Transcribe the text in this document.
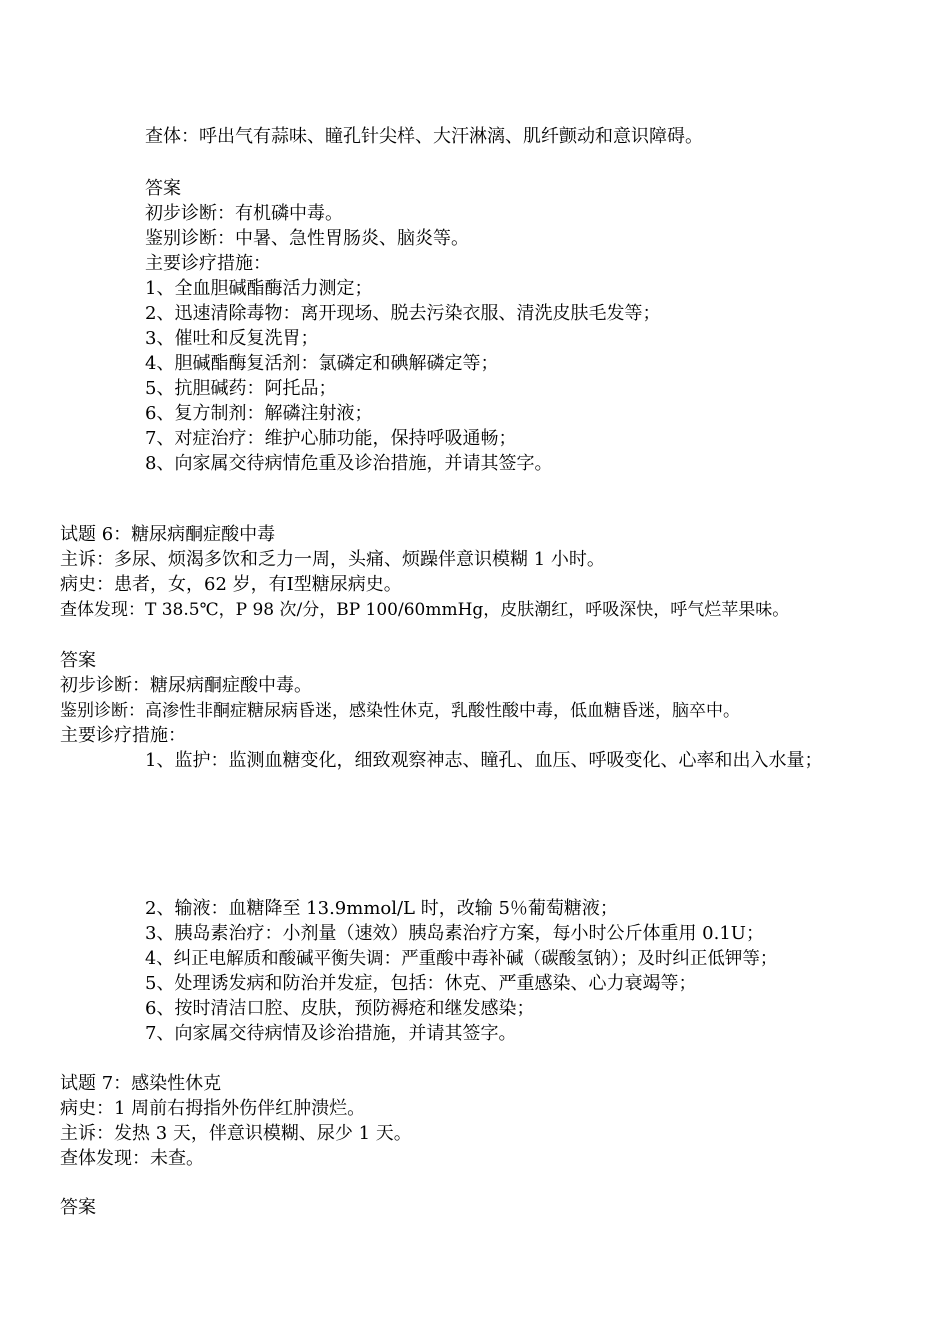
查体：呼出气有蒜味、瞳孔针尖样、大汗淋漓、肌纤颤动和意识障碍。
答案
初步诊断：有机磷中毒。
鉴别诊断：中暑、急性胃肠炎、脑炎等。
主要诊疗措施：
1、全血胆碱酯酶活力测定；
2、迅速清除毒物：离开现场、脱去污染衣服、清洗皮肤毛发等；
3、催吐和反复洗胃；
4、胆碱酯酶复活剂：氯磷定和碘解磷定等；
5、抗胆碱药：阿托品；
6、复方制剂：解磷注射液；
7、对症治疗：维护心肺功能，保持呼吸通畅；
8、向家属交待病情危重及诊治措施，并请其签字。
试题 6：糖尿病酮症酸中毒
主诉：多尿、烦渴多饮和乏力一周，头痛、烦躁伴意识模糊 1 小时。
病史：患者，女，62 岁，有Ⅰ型糖尿病史。
查体发现：T 38.5℃，P 98 次/分，BP 100/60mmHg，皮肤潮红，呼吸深快，呼气烂苹果味。
答案
初步诊断：糖尿病酮症酸中毒。
鉴别诊断：高渗性非酮症糖尿病昏迷，感染性休克，乳酸性酸中毒，低血糖昏迷，脑卒中。
主要诊疗措施：
1、监护：监测血糖变化，细致观察神志、瞳孔、血压、呼吸变化、心率和出入水量；
2、输液：血糖降至 13.9mmol/L 时，改输 5％葡萄糖液；
3、胰岛素治疗：小剂量（速效）胰岛素治疗方案，每小时公斤体重用 0.1U；
4、纠正电解质和酸碱平衡失调：严重酸中毒补碱（碳酸氢钠）；及时纠正低钾等；
5、处理诱发病和防治并发症，包括：休克、严重感染、心力衰竭等；
6、按时清洁口腔、皮肤，预防褥疮和继发感染；
7、向家属交待病情及诊治措施，并请其签字。
试题 7：感染性休克
病史：1 周前右拇指外伤伴红肿溃烂。
主诉：发热 3 天，伴意识模糊、尿少 1 天。
查体发现：未查。
答案
